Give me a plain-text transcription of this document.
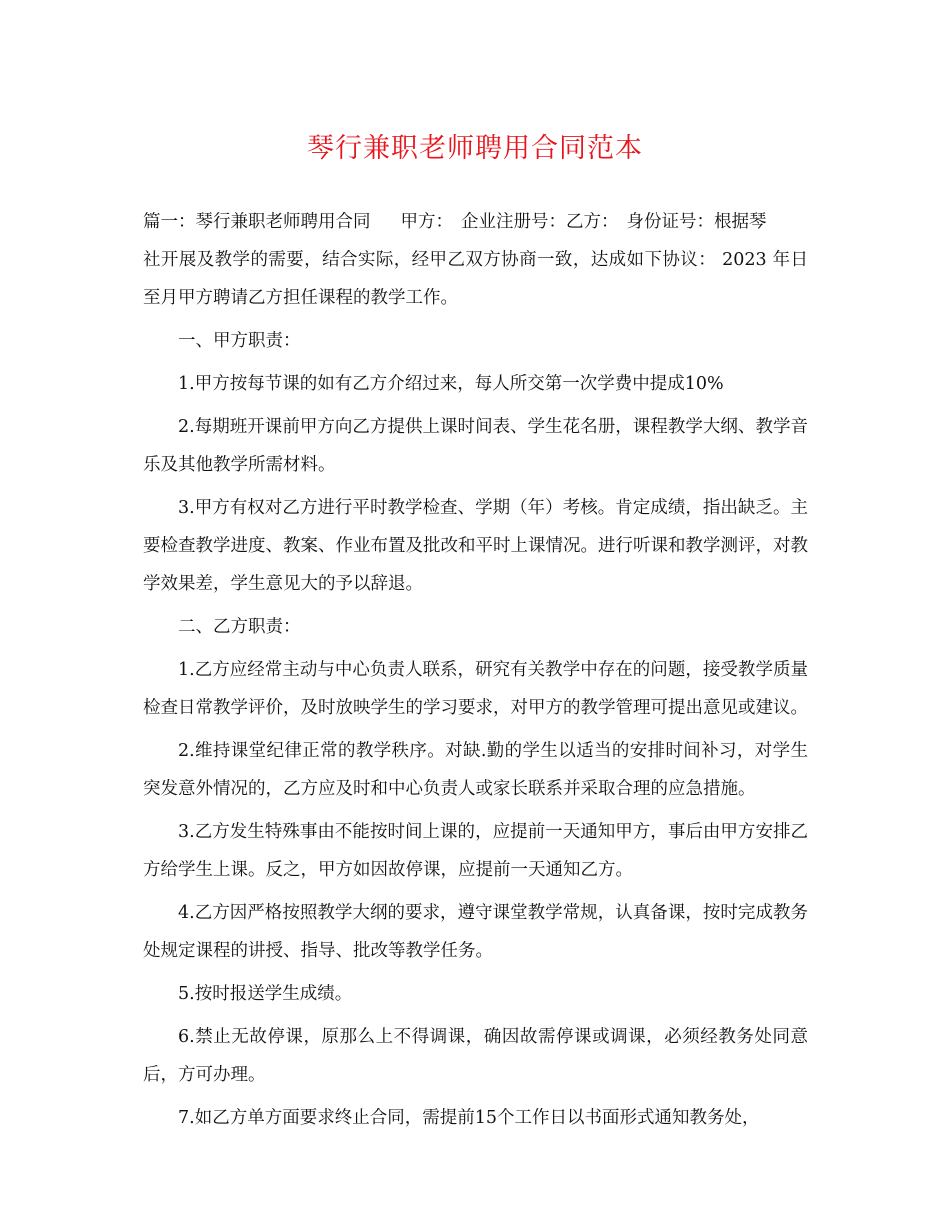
琴行兼职老师聘用合同范本

篇一：琴行兼职老师聘用合同 甲方： 企业注册号：乙方： 身份证号：根据琴

社开展及教学的需要，结合实际，经甲乙双方协商一致，达成如下协议： 2023 年日至月甲方聘请乙方担任课程的教学工作。

一、甲方职责：

1.甲方按每节课的如有乙方介绍过来，每人所交第一次学费中提成10%

2.每期班开课前甲方向乙方提供上课时间表、学生花名册，课程教学大纲、教学音乐及其他教学所需材料。

3.甲方有权对乙方进行平时教学检查、学期（年）考核。肯定成绩，指出缺乏。主要检查教学进度、教案、作业布置及批改和平时上课情况。进行听课和教学测评，对教学效果差，学生意见大的予以辞退。

二、乙方职责：

1.乙方应经常主动与中心负责人联系，研究有关教学中存在的问题，接受教学质量检查日常教学评价，及时放映学生的学习要求，对甲方的教学管理可提出意见或建议。

2.维持课堂纪律正常的教学秩序。对缺.勤的学生以适当的安排时间补习，对学生突发意外情况的，乙方应及时和中心负责人或家长联系并采取合理的应急措施。

3.乙方发生特殊事由不能按时间上课的，应提前一天通知甲方，事后由甲方安排乙方给学生上课。反之，甲方如因故停课，应提前一天通知乙方。

4.乙方因严格按照教学大纲的要求，遵守课堂教学常规，认真备课，按时完成教务处规定课程的讲授、指导、批改等教学任务。

5.按时报送学生成绩。

6.禁止无故停课，原那么上不得调课，确因故需停课或调课，必须经教务处同意后，方可办理。

7.如乙方单方面要求终止合同，需提前15个工作日以书面形式通知教务处，
